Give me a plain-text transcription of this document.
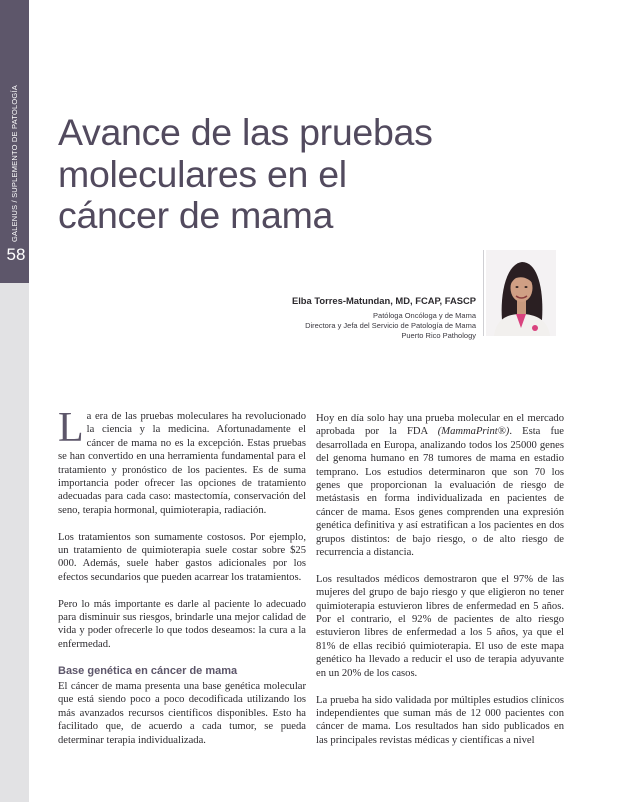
GALENUS / SUPLEMENTO DE PATOLOGÍA
58
Avance de las pruebas
moleculares en el
cáncer de mama
Elba Torres-Matundan, MD, FCAP, FASCP
Patóloga Oncóloga y de Mama
Directora y Jefa del Servicio de Patología de Mama
Puerto Rico Pathology

La era de las pruebas moleculares ha revolucionado la ciencia y la medicina. Afortunadamente el cáncer de mama no es la excepción. Estas pruebas se han convertido en una herramienta fundamental para el tratamiento y pronóstico de los pacientes. Es de suma importancia poder ofrecer las opciones de tratamiento adecuadas para cada caso: mastectomía, conservación del seno, terapia hormonal, quimioterapia, radiación.

Los tratamientos son sumamente costosos. Por ejemplo, un tratamiento de quimioterapia suele costar sobre $25 000. Además, suele haber gastos adicionales por los efectos secundarios que pueden acarrear los tratamientos.

Pero lo más importante es darle al paciente lo adecuado para disminuir sus riesgos, brindarle una mejor calidad de vida y poder ofrecerle lo que todos deseamos: la cura a la enfermedad.

Base genética en cáncer de mama

El cáncer de mama presenta una base genética molecular que está siendo poco a poco decodificada utilizando los más avanzados recursos científicos disponibles. Esto ha facilitado que, de acuerdo a cada tumor, se pueda determinar terapia individualizada.

Hoy en día solo hay una prueba molecular en el mercado aprobada por la FDA (MammaPrint®). Esta fue desarrollada en Europa, analizando todos los 25000 genes del genoma humano en 78 tumores de mama en estadio temprano. Los estudios determinaron que son 70 los genes que proporcionan la evaluación de riesgo de metástasis en forma individualizada en pacientes de cáncer de mama. Esos genes comprenden una expresión genética definitiva y así estratifican a los pacientes en dos grupos distintos: de bajo riesgo, o de alto riesgo de recurrencia a distancia.

Los resultados médicos demostraron que el 97% de las mujeres del grupo de bajo riesgo y que eligieron no tener quimioterapia estuvieron libres de enfermedad en 5 años. Por el contrario, el 92% de pacientes de alto riesgo estuvieron libres de enfermedad a los 5 años, ya que el 81% de ellas recibió quimioterapia. El uso de este mapa genético ha llevado a reducir el uso de terapia adyuvante en un 20% de los casos.

La prueba ha sido validada por múltiples estudios clínicos independientes que suman más de 12 000 pacientes con cáncer de mama. Los resultados han sido publicados en las principales revistas médicas y científicas a nivel
